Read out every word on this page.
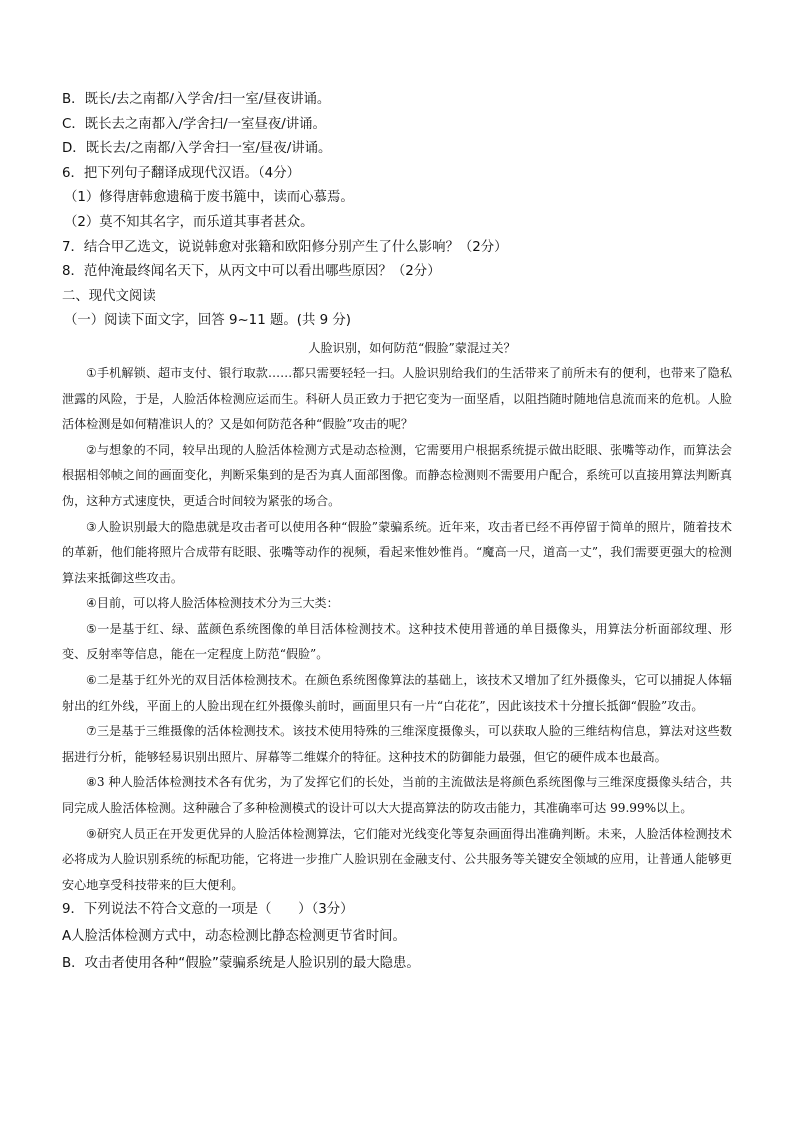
B．既长/去之南都/入学舍/扫一室/昼夜讲诵。
C．既长去之南都入/学舍扫/一室昼夜/讲诵。
D．既长去/之南都/入学舍扫一室/昼夜/讲诵。
6．把下列句子翻译成现代汉语。（4分）
（1）修得唐韩愈遗稿于废书簏中，读而心慕焉。
（2）莫不知其名字，而乐道其事者甚众。
7．结合甲乙选文，说说韩愈对张籍和欧阳修分别产生了什么影响？（2分）
8．范仲淹最终闻名天下，从丙文中可以看出哪些原因？（2分）
二、现代文阅读
（一）阅读下面文字，回答 9~11 题。(共 9 分)
人脸识别，如何防范“假脸”蒙混过关？

①手机解锁、超市支付、银行取款……都只需要轻轻一扫。人脸识别给我们的生活带来了前所未有的便利，也带来了隐私泄露的风险，于是，人脸活体检测应运而生。科研人员正致力于把它变为一面坚盾，以阻挡随时随地信息流而来的危机。人脸活体检测是如何精准识人的？又是如何防范各种“假脸”攻击的呢？

②与想象的不同，较早出现的人脸活体检测方式是动态检测，它需要用户根据系统提示做出眨眼、张嘴等动作，而算法会根据相邻帧之间的画面变化，判断采集到的是否为真人面部图像。而静态检测则不需要用户配合，系统可以直接用算法判断真伪，这种方式速度快，更适合时间较为紧张的场合。

③人脸识别最大的隐患就是攻击者可以使用各种“假脸”蒙骗系统。近年来，攻击者已经不再停留于简单的照片，随着技术的革新，他们能将照片合成带有眨眼、张嘴等动作的视频，看起来惟妙惟肖。“魔高一尺，道高一丈”，我们需要更强大的检测算法来抵御这些攻击。

④目前，可以将人脸活体检测技术分为三大类：

⑤一是基于红、绿、蓝颜色系统图像的单目活体检测技术。这种技术使用普通的单目摄像头，用算法分析面部纹理、形变、反射率等信息，能在一定程度上防范“假脸”。

⑥二是基于红外光的双目活体检测技术。在颜色系统图像算法的基础上，该技术又增加了红外摄像头，它可以捕捉人体辐射出的红外线，平面上的人脸出现在红外摄像头前时，画面里只有一片“白花花”，因此该技术十分擅长抵御“假脸”攻击。

⑦三是基于三维摄像的活体检测技术。该技术使用特殊的三维深度摄像头，可以获取人脸的三维结构信息，算法对这些数据进行分析，能够轻易识别出照片、屏幕等二维媒介的特征。这种技术的防御能力最强，但它的硬件成本也最高。

⑧3 种人脸活体检测技术各有优劣，为了发挥它们的长处，当前的主流做法是将颜色系统图像与三维深度摄像头结合，共同完成人脸活体检测。这种融合了多种检测模式的设计可以大大提高算法的防攻击能力，其准确率可达 99.99%以上。

⑨研究人员正在开发更优异的人脸活体检测算法，它们能对光线变化等复杂画面得出准确判断。未来，人脸活体检测技术必将成为人脸识别系统的标配功能，它将进一步推广人脸识别在金融支付、公共服务等关键安全领域的应用，让普通人能够更安心地享受科技带来的巨大便利。

9．下列说法不符合文意的一项是（　　）（3分）
A人脸活体检测方式中，动态检测比静态检测更节省时间。
B．攻击者使用各种“假脸”蒙骗系统是人脸识别的最大隐患。
